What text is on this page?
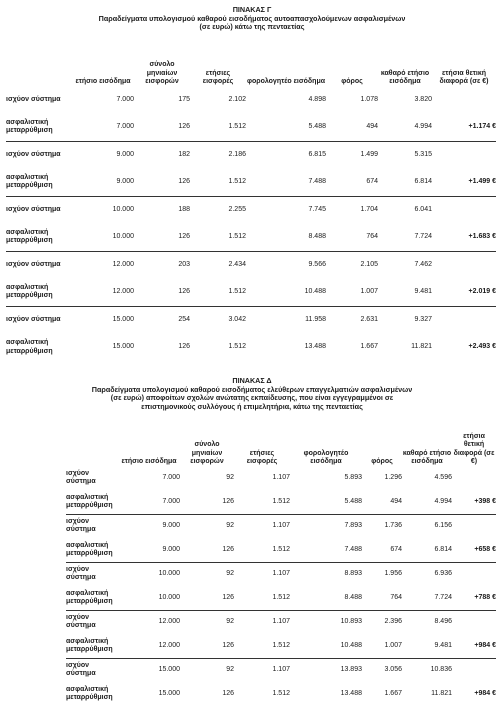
ΠΙΝΑΚΑΣ Γ
Παραδείγματα υπολογισμού καθαρού εισοδήματος αυτοαπασχολούμενων ασφαλισμένων
(σε ευρώ) κάτω της πενταετίας
	ετήσιο εισόδημα	σύνολο μηνιαίων εισφορών	ετήσιες εισφορές	φορολογητέο εισόδημα	φόρος	καθαρό ετήσιο εισόδημα	ετήσια θετική διαφορά (σε €)
ισχύον σύστημα	7.000	175	2.102	4.898	1.078	3.820	
ασφαλιστική μεταρρύθμιση	7.000	126	1.512	5.488	494	4.994	+1.174 €
ισχύον σύστημα	9.000	182	2.186	6.815	1.499	5.315	
ασφαλιστική μεταρρύθμιση	9.000	126	1.512	7.488	674	6.814	+1.499 €
ισχύον σύστημα	10.000	188	2.255	7.745	1.704	6.041	
ασφαλιστική μεταρρύθμιση	10.000	126	1.512	8.488	764	7.724	+1.683 €
ισχύον σύστημα	12.000	203	2.434	9.566	2.105	7.462	
ασφαλιστική μεταρρύθμιση	12.000	126	1.512	10.488	1.007	9.481	+2.019 €
ισχύον σύστημα	15.000	254	3.042	11.958	2.631	9.327	
ασφαλιστική μεταρρύθμιση	15.000	126	1.512	13.488	1.667	11.821	+2.493 €
ΠΙΝΑΚΑΣ Δ
Παραδείγματα υπολογισμού καθαρού εισοδήματος ελεύθερων επαγγελματιών ασφαλισμένων
(σε ευρώ) αποφοίτων σχολών ανώτατης εκπαίδευσης, που είναι εγγεγραμμένοι σε
επιστημονικούς συλλόγους ή επιμελητήρια, κάτω της πενταετίας
	ετήσιο εισόδημα	σύνολο μηνιαίων εισφορών	ετήσιες εισφορές	φορολογητέο εισόδημα	φόρος	καθαρό ετήσιο εισόδημα	ετήσια θετική διαφορά (σε €)
ισχύον σύστημα	7.000	92	1.107	5.893	1.296	4.596	
ασφαλιστική μεταρρύθμιση	7.000	126	1.512	5.488	494	4.994	+398 €
ισχύον σύστημα	9.000	92	1.107	7.893	1.736	6.156	
ασφαλιστική μεταρρύθμιση	9.000	126	1.512	7.488	674	6.814	+658 €
ισχύον σύστημα	10.000	92	1.107	8.893	1.956	6.936	
ασφαλιστική μεταρρύθμιση	10.000	126	1.512	8.488	764	7.724	+788 €
ισχύον σύστημα	12.000	92	1.107	10.893	2.396	8.496	
ασφαλιστική μεταρρύθμιση	12.000	126	1.512	10.488	1.007	9.481	+984 €
ισχύον σύστημα	15.000	92	1.107	13.893	3.056	10.836	
ασφαλιστική μεταρρύθμιση	15.000	126	1.512	13.488	1.667	11.821	+984 €
